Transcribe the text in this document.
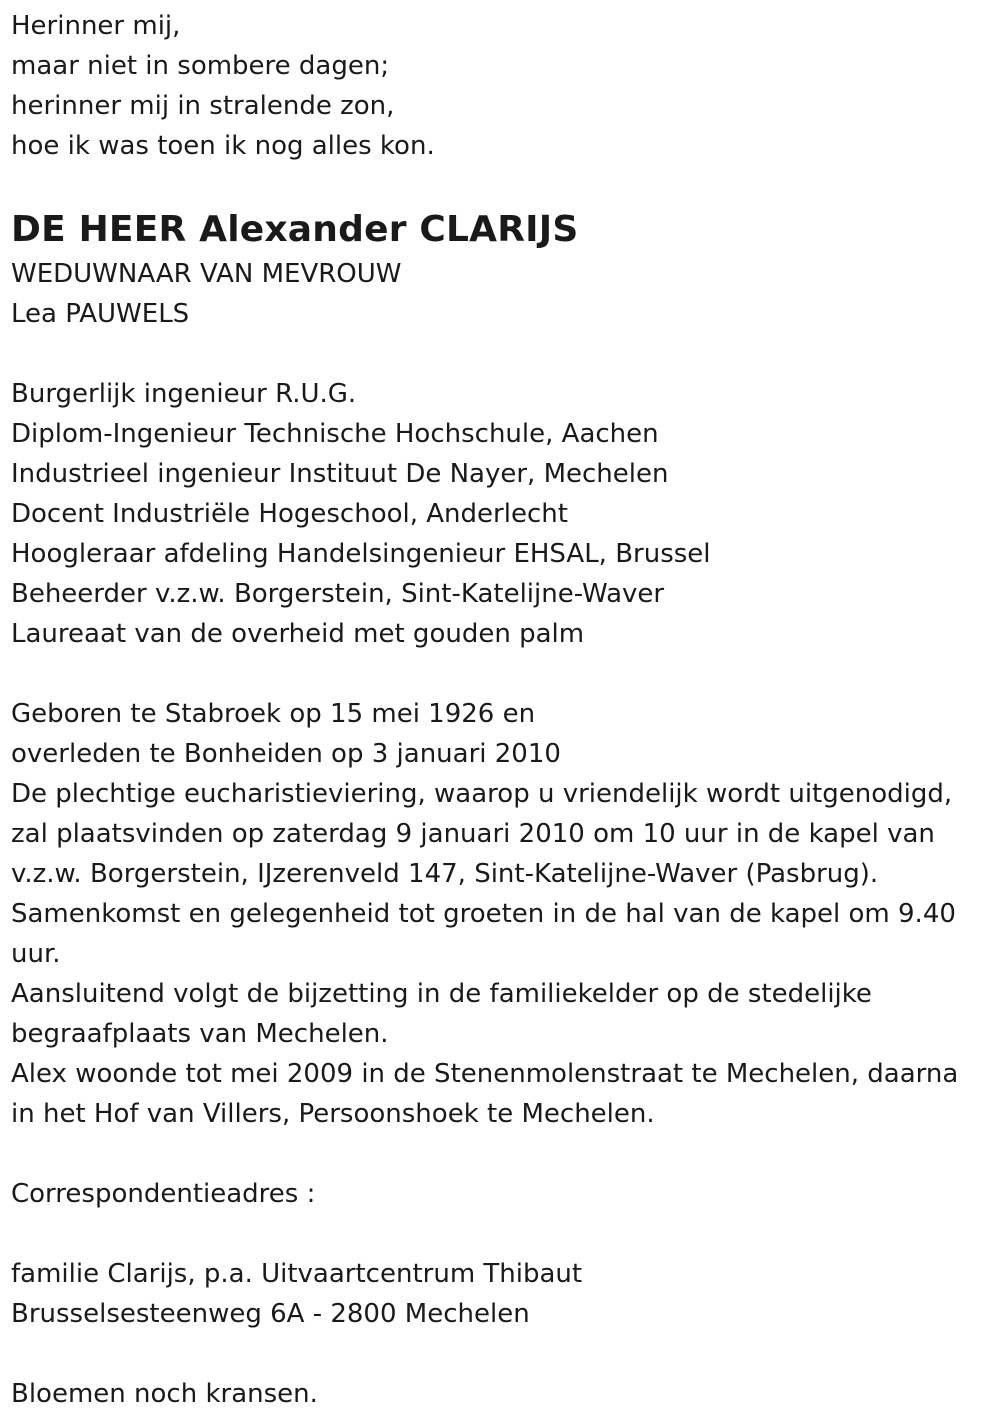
Herinner mij,
maar niet in sombere dagen;
herinner mij in stralende zon,
hoe ik was toen ik nog alles kon.
DE HEER Alexander CLARIJS
WEDUWNAAR VAN MEVROUW
Lea PAUWELS
Burgerlijk ingenieur R.U.G.
Diplom-Ingenieur Technische Hochschule, Aachen
Industrieel ingenieur Instituut De Nayer, Mechelen
Docent Industriële Hogeschool, Anderlecht
Hoogleraar afdeling Handelsingenieur EHSAL, Brussel
Beheerder v.z.w. Borgerstein, Sint-Katelijne-Waver
Laureaat van de overheid met gouden palm
Geboren te Stabroek op 15 mei 1926 en
overleden te Bonheiden op 3 januari 2010
De plechtige eucharistieviering, waarop u vriendelijk wordt uitgenodigd,
zal plaatsvinden op zaterdag 9 januari 2010 om 10 uur in de kapel van
v.z.w. Borgerstein, IJzerenveld 147, Sint-Katelijne-Waver (Pasbrug).
Samenkomst en gelegenheid tot groeten in de hal van de kapel om 9.40
uur.
Aansluitend volgt de bijzetting in de familiekelder op de stedelijke
begraafplaats van Mechelen.
Alex woonde tot mei 2009 in de Stenenmolenstraat te Mechelen, daarna
in het Hof van Villers, Persoonshoek te Mechelen.
Correspondentieadres :
familie Clarijs, p.a. Uitvaartcentrum Thibaut
Brusselsesteenweg 6A - 2800 Mechelen
Bloemen noch kransen.
